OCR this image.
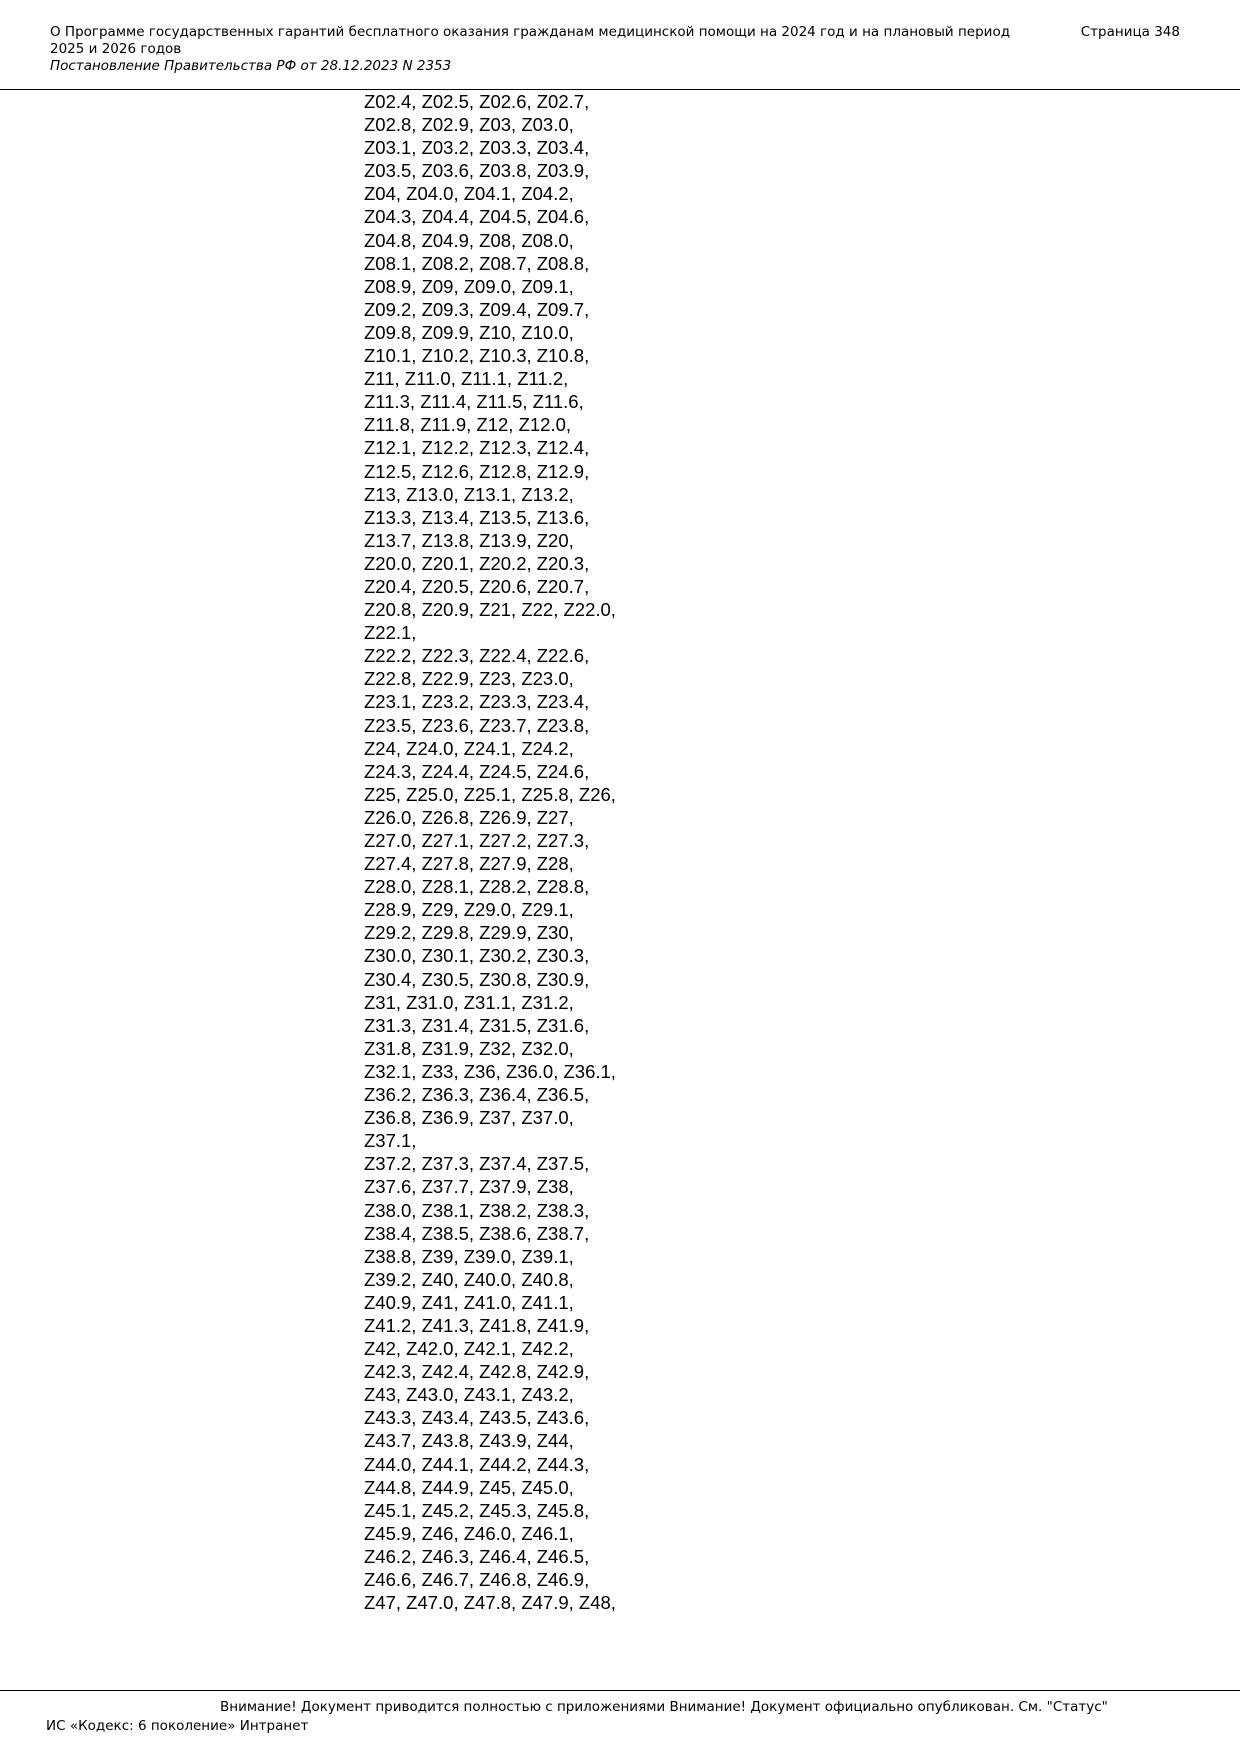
О Программе государственных гарантий бесплатного оказания гражданам медицинской помощи на 2024 год и на плановый период 2025 и 2026 годов
Страница 348
Постановление Правительства РФ от 28.12.2023 N 2353
Z02.4, Z02.5, Z02.6, Z02.7,
Z02.8, Z02.9, Z03, Z03.0,
Z03.1, Z03.2, Z03.3, Z03.4,
Z03.5, Z03.6, Z03.8, Z03.9,
Z04, Z04.0, Z04.1, Z04.2,
Z04.3, Z04.4, Z04.5, Z04.6,
Z04.8, Z04.9, Z08, Z08.0,
Z08.1, Z08.2, Z08.7, Z08.8,
Z08.9, Z09, Z09.0, Z09.1,
Z09.2, Z09.3, Z09.4, Z09.7,
Z09.8, Z09.9, Z10, Z10.0,
Z10.1, Z10.2, Z10.3, Z10.8,
Z11, Z11.0, Z11.1, Z11.2,
Z11.3, Z11.4, Z11.5, Z11.6,
Z11.8, Z11.9, Z12, Z12.0,
Z12.1, Z12.2, Z12.3, Z12.4,
Z12.5, Z12.6, Z12.8, Z12.9,
Z13, Z13.0, Z13.1, Z13.2,
Z13.3, Z13.4, Z13.5, Z13.6,
Z13.7, Z13.8, Z13.9, Z20,
Z20.0, Z20.1, Z20.2, Z20.3,
Z20.4, Z20.5, Z20.6, Z20.7,
Z20.8, Z20.9, Z21, Z22, Z22.0,
Z22.1,
Z22.2, Z22.3, Z22.4, Z22.6,
Z22.8, Z22.9, Z23, Z23.0,
Z23.1, Z23.2, Z23.3, Z23.4,
Z23.5, Z23.6, Z23.7, Z23.8,
Z24, Z24.0, Z24.1, Z24.2,
Z24.3, Z24.4, Z24.5, Z24.6,
Z25, Z25.0, Z25.1, Z25.8, Z26,
Z26.0, Z26.8, Z26.9, Z27,
Z27.0, Z27.1, Z27.2, Z27.3,
Z27.4, Z27.8, Z27.9, Z28,
Z28.0, Z28.1, Z28.2, Z28.8,
Z28.9, Z29, Z29.0, Z29.1,
Z29.2, Z29.8, Z29.9, Z30,
Z30.0, Z30.1, Z30.2, Z30.3,
Z30.4, Z30.5, Z30.8, Z30.9,
Z31, Z31.0, Z31.1, Z31.2,
Z31.3, Z31.4, Z31.5, Z31.6,
Z31.8, Z31.9, Z32, Z32.0,
Z32.1, Z33, Z36, Z36.0, Z36.1,
Z36.2, Z36.3, Z36.4, Z36.5,
Z36.8, Z36.9, Z37, Z37.0,
Z37.1,
Z37.2, Z37.3, Z37.4, Z37.5,
Z37.6, Z37.7, Z37.9, Z38,
Z38.0, Z38.1, Z38.2, Z38.3,
Z38.4, Z38.5, Z38.6, Z38.7,
Z38.8, Z39, Z39.0, Z39.1,
Z39.2, Z40, Z40.0, Z40.8,
Z40.9, Z41, Z41.0, Z41.1,
Z41.2, Z41.3, Z41.8, Z41.9,
Z42, Z42.0, Z42.1, Z42.2,
Z42.3, Z42.4, Z42.8, Z42.9,
Z43, Z43.0, Z43.1, Z43.2,
Z43.3, Z43.4, Z43.5, Z43.6,
Z43.7, Z43.8, Z43.9, Z44,
Z44.0, Z44.1, Z44.2, Z44.3,
Z44.8, Z44.9, Z45, Z45.0,
Z45.1, Z45.2, Z45.3, Z45.8,
Z45.9, Z46, Z46.0, Z46.1,
Z46.2, Z46.3, Z46.4, Z46.5,
Z46.6, Z46.7, Z46.8, Z46.9,
Z47, Z47.0, Z47.8, Z47.9, Z48,
Внимание! Документ приводится полностью с приложениями Внимание! Документ официально опубликован. См. "Статус"
ИС «Кодекс: 6 поколение» Интранет
